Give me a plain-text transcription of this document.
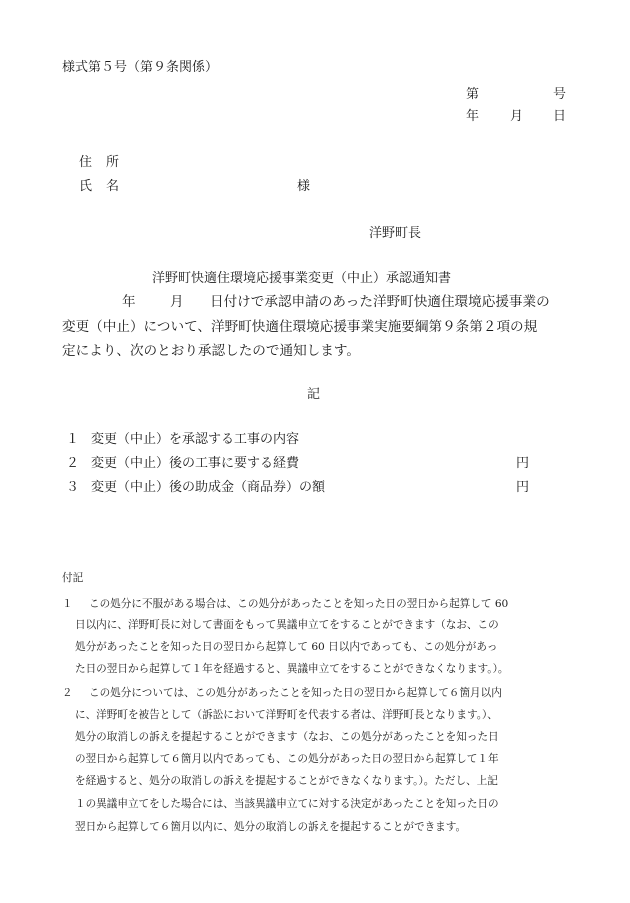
様式第５号（第９条関係）
第	号
年 月 日
住 所
氏 名	様
洋野町長
洋野町快適住環境応援事業変更（中止）承認通知書
年	月 日付けで承認申請のあった洋野町快適住環境応援事業の
変更（中止）について、洋野町快適住環境応援事業実施要綱第９条第２項の規
定により、次のとおり承認したので通知します。
記
１ 変更（中止）を承認する工事の内容
２ 変更（中止）後の工事に要する経費	円
３ 変更（中止）後の助成金（商品券）の額	円
付記
１ この処分に不服がある場合は、この処分があったことを知った日の翌日から起算して 60
日以内に、洋野町長に対して書面をもって異議申立てをすることができます（なお、この
処分があったことを知った日の翌日から起算して 60 日以内であっても、この処分があっ
た日の翌日から起算して１年を経過すると、異議申立てをすることができなくなります。）。
２ この処分については、この処分があったことを知った日の翌日から起算して６箇月以内
に、洋野町を被告として（訴訟において洋野町を代表する者は、洋野町長となります。）、
処分の取消しの訴えを提起することができます（なお、この処分があったことを知った日
の翌日から起算して６箇月以内であっても、この処分があった日の翌日から起算して１年
を経過すると、処分の取消しの訴えを提起することができなくなります。）。ただし、上記
１の異議申立てをした場合には、当該異議申立てに対する決定があったことを知った日の
翌日から起算して６箇月以内に、処分の取消しの訴えを提起することができます。
